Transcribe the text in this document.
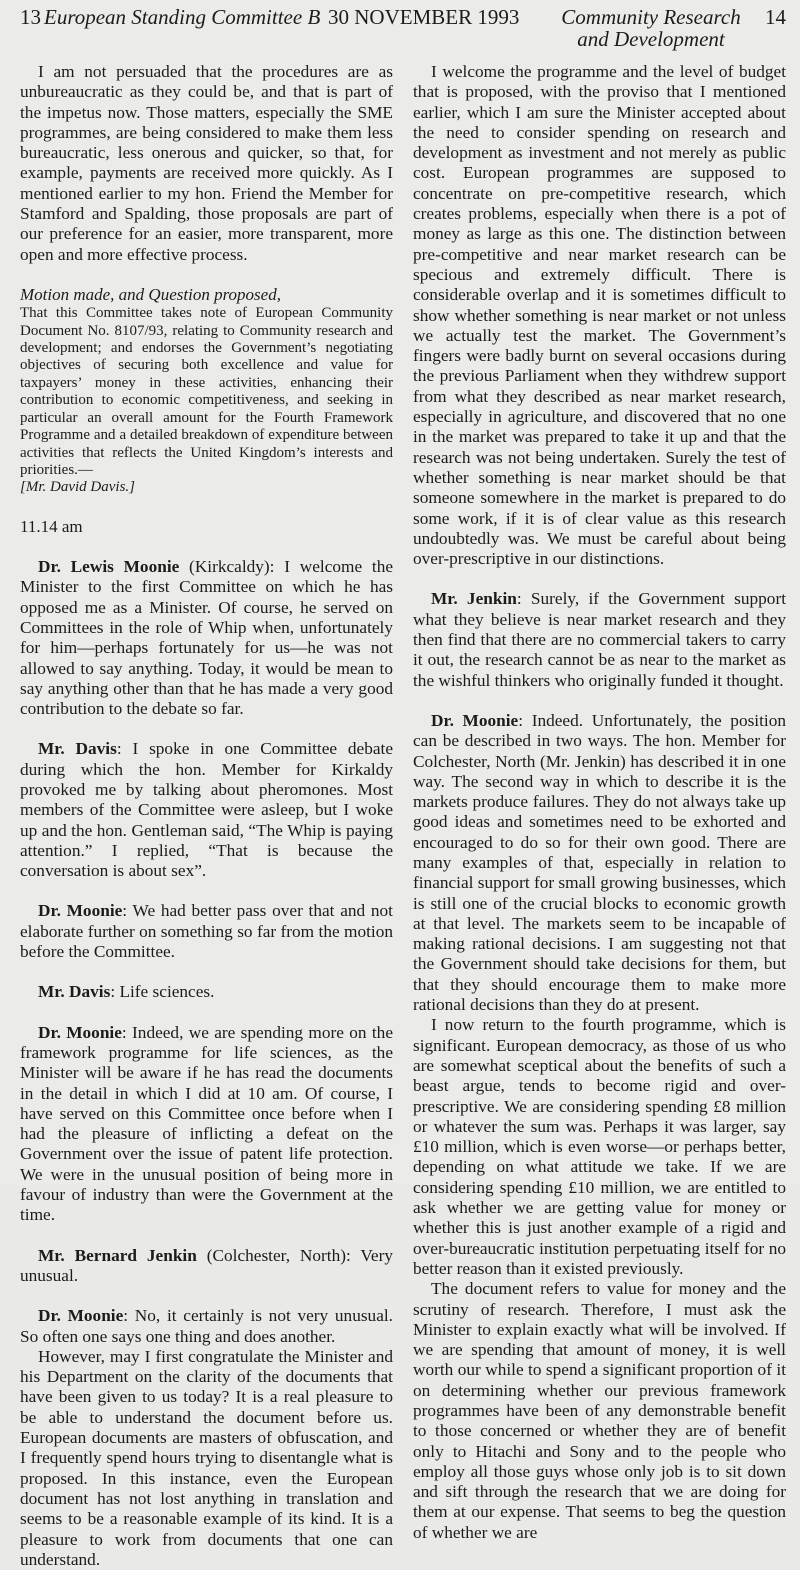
13 European Standing Committee B 30 NOVEMBER 1993	Community Research and Development
14

I am not persuaded that the procedures are as unbureaucratic as they could be, and that is part of the impetus now. Those matters, especially the SME programmes, are being considered to make them less bureaucratic, less onerous and quicker, so that, for example, payments are received more quickly. As I mentioned earlier to my hon. Friend the Member for Stamford and Spalding, those proposals are part of our preference for an easier, more transparent, more open and more effective process.

Motion made, and Question proposed,

That this Committee takes note of European Community Document No. 8107/93, relating to Community research and development; and endorses the Government’s negotiating objectives of securing both excellence and value for taxpayers’ money in these activities, enhancing their contribution to economic competitiveness, and seeking in particular an overall amount for the Fourth Framework Programme and a detailed breakdown of expenditure between activities that reflects the United Kingdom’s interests and priorities.—
[Mr. David Davis.]

11.14 am

Dr. Lewis Moonie (Kirkcaldy): I welcome the Minister to the first Committee on which he has opposed me as a Minister. Of course, he served on Committees in the role of Whip when, unfortunately for him—perhaps fortunately for us—he was not allowed to say anything. Today, it would be mean to say anything other than that he has made a very good contribution to the debate so far.

Mr. Davis: I spoke in one Committee debate during which the hon. Member for Kirkaldy provoked me by talking about pheromones. Most members of the Committee were asleep, but I woke up and the hon. Gentleman said, “The Whip is paying attention.” I replied, “That is because the conversation is about sex”.

Dr. Moonie: We had better pass over that and not elaborate further on something so far from the motion before the Committee.

Mr. Davis: Life sciences.

Dr. Moonie: Indeed, we are spending more on the framework programme for life sciences, as the Minister will be aware if he has read the documents in the detail in which I did at 10 am. Of course, I have served on this Committee once before when I had the pleasure of inflicting a defeat on the Government over the issue of patent life protection. We were in the unusual position of being more in favour of industry than were the Government at the time.

Mr. Bernard Jenkin (Colchester, North): Very unusual.

Dr. Moonie: No, it certainly is not very unusual. So often one says one thing and does another.

However, may I first congratulate the Minister and his Department on the clarity of the documents that have been given to us today? It is a real pleasure to be able to understand the document before us. European documents are masters of obfuscation, and I frequently spend hours trying to disentangle what is proposed. In this instance, even the European document has not lost anything in translation and seems to be a reasonable example of its kind. It is a pleasure to work from documents that one can understand.

I welcome the programme and the level of budget that is proposed, with the proviso that I mentioned earlier, which I am sure the Minister accepted about the need to consider spending on research and development as investment and not merely as public cost. European programmes are supposed to concentrate on pre-competitive research, which creates problems, especially when there is a pot of money as large as this one. The distinction between pre-competitive and near market research can be specious and extremely difficult. There is considerable overlap and it is sometimes difficult to show whether something is near market or not unless we actually test the market. The Government’s fingers were badly burnt on several occasions during the previous Parliament when they withdrew support from what they described as near market research, especially in agriculture, and discovered that no one in the market was prepared to take it up and that the research was not being undertaken. Surely the test of whether something is near market should be that someone somewhere in the market is prepared to do some work, if it is of clear value as this research undoubtedly was. We must be careful about being over-prescriptive in our distinctions.

Mr. Jenkin: Surely, if the Government support what they believe is near market research and they then find that there are no commercial takers to carry it out, the research cannot be as near to the market as the wishful thinkers who originally funded it thought.

Dr. Moonie: Indeed. Unfortunately, the position can be described in two ways. The hon. Member for Colchester, North (Mr. Jenkin) has described it in one way. The second way in which to describe it is the markets produce failures. They do not always take up good ideas and sometimes need to be exhorted and encouraged to do so for their own good. There are many examples of that, especially in relation to financial support for small growing businesses, which is still one of the crucial blocks to economic growth at that level. The markets seem to be incapable of making rational decisions. I am suggesting not that the Government should take decisions for them, but that they should encourage them to make more rational decisions than they do at present.

I now return to the fourth programme, which is significant. European democracy, as those of us who are somewhat sceptical about the benefits of such a beast argue, tends to become rigid and over-prescriptive. We are considering spending £8 million or whatever the sum was. Perhaps it was larger, say £10 million, which is even worse—or perhaps better, depending on what attitude we take. If we are considering spending £10 million, we are entitled to ask whether we are getting value for money or whether this is just another example of a rigid and over-bureaucratic institution perpetuating itself for no better reason than it existed previously.

The document refers to value for money and the scrutiny of research. Therefore, I must ask the Minister to explain exactly what will be involved. If we are spending that amount of money, it is well worth our while to spend a significant proportion of it on determining whether our previous framework programmes have been of any demonstrable benefit to those concerned or whether they are of benefit only to Hitachi and Sony and to the people who employ all those guys whose only job is to sit down and sift through the research that we are doing for them at our expense. That seems to beg the question of whether we are
